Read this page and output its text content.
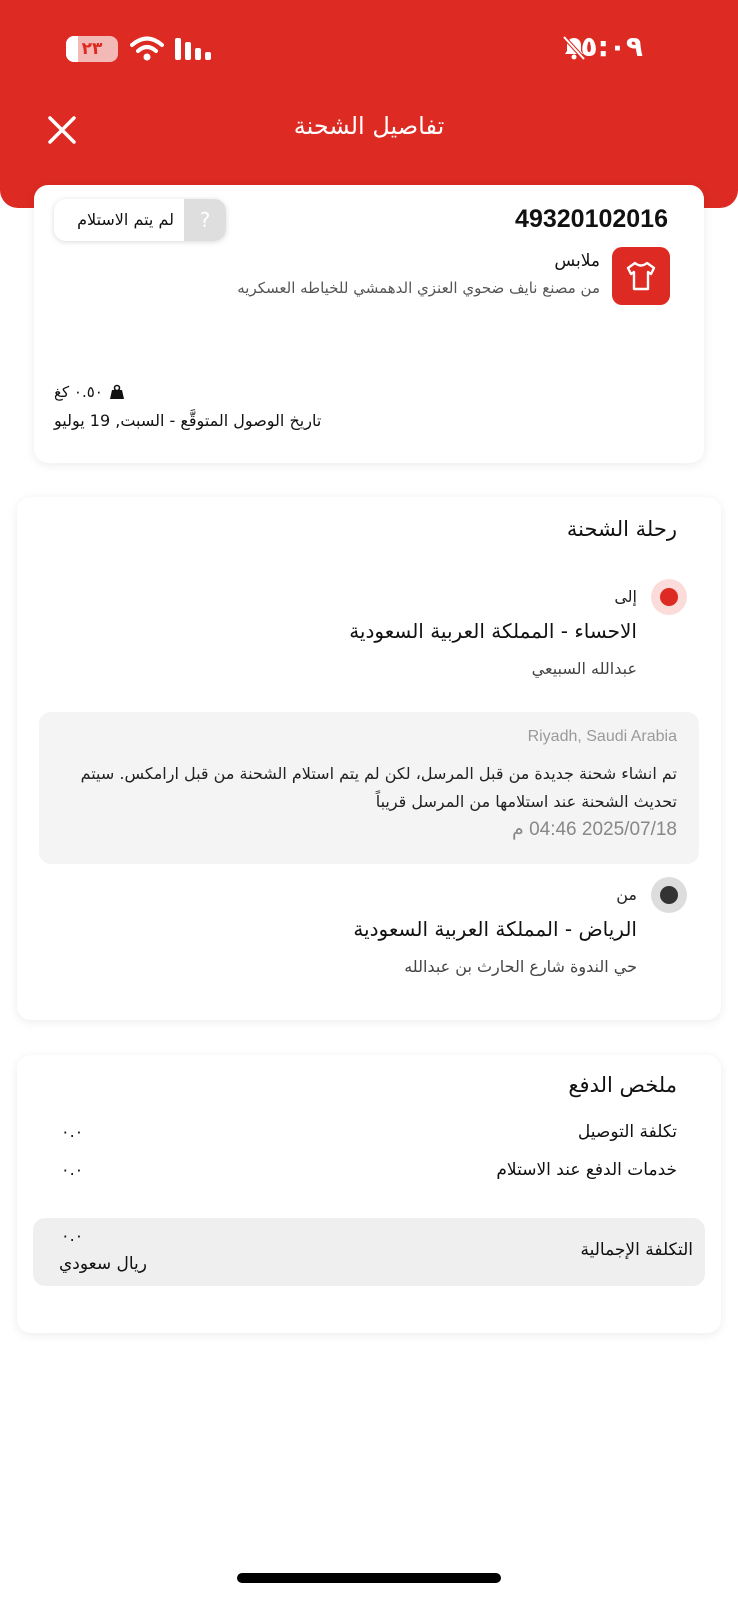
٥:٠٩
٢٣
تفاصيل الشحنة
49320102016
?
لم يتم الاستلام
ملابس
من مصنع نايف ضحوي العنزي الدهمشي للخياطه العسكريه
٠.٥٠ كغ
تاريخ الوصول المتوقَّع - السبت, 19 يوليو
رحلة الشحنة
إلى
الاحساء - المملكة العربية السعودية
عبدالله السبيعي
Riyadh, Saudi Arabia
تم انشاء شحنة جديدة من قبل المرسل، لكن لم يتم استلام الشحنة من قبل ارامكس. سيتم تحديث الشحنة عند استلامها من المرسل قريباً
2025/07/18 04:46 م
من
الرياض - المملكة العربية السعودية
حي الندوة شارع الحارث بن عبدالله
ملخص الدفع
تكلفة التوصيل
٠.٠
خدمات الدفع عند الاستلام
٠.٠
التكلفة الإجمالية
٠.٠
ريال سعودي
